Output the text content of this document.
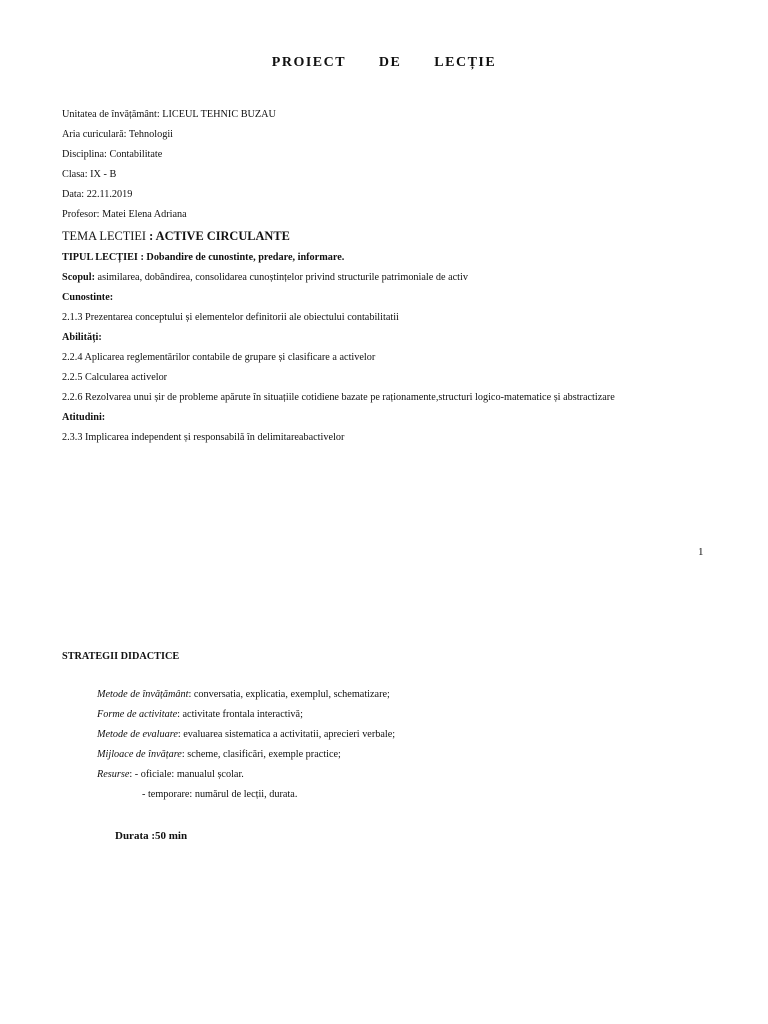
PROIECT   DE   LECȚIE
Unitatea de învățământ: LICEUL TEHNIC BUZAU
Aria curiculară: Tehnologii
Disciplina: Contabilitate
Clasa: IX - B
Data: 22.11.2019
Profesor: Matei Elena Adriana
TEMA LECTIEI : ACTIVE CIRCULANTE
TIPUL LECȚIEI : Dobandire de cunostinte, predare, informare.
Scopul: asimilarea, dobândirea, consolidarea cunoștințelor privind structurile patrimoniale de activ
Cunostinte:
2.1.3 Prezentarea conceptului și elementelor definitorii ale obiectului contabilitatii
Abilități:
2.2.4 Aplicarea reglementărilor contabile de grupare și clasificare a activelor
2.2.5 Calcularea activelor
2.2.6 Rezolvarea unui șir de probleme apărute în situațiile cotidiene bazate pe raționamente,structuri logico-matematice și abstractizare
Atitudini:
2.3.3 Implicarea independent și responsabilă în delimitareabactivelor
1
STRATEGII DIDACTICE
Metode de învățământ: conversatia, explicatia, exemplul, schematizare;
Forme de activitate: activitate frontala interactivă;
Metode de evaluare: evaluarea sistematica a activitatii, aprecieri verbale;
Mijloace de învățare: scheme, clasificări, exemple practice;
Resurse: - oficiale: manualul școlar.
- temporare: numărul de lecții, durata.
Durata :50 min
